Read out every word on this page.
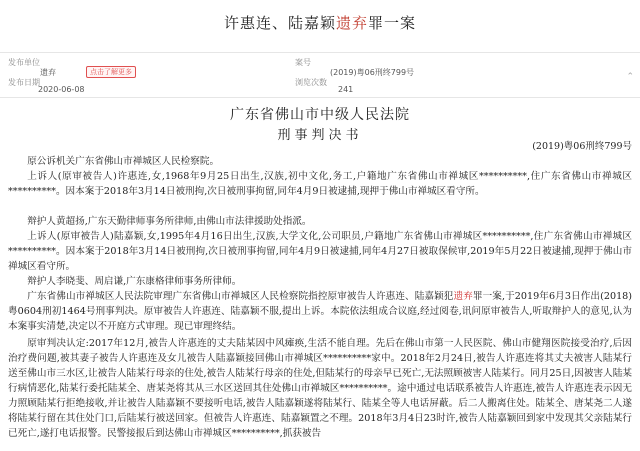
许惠连、陆嘉颖遗弃罪一案
发布单位
遗弃	点击了解更多
案号
(2019)粤06刑终799号
发布日期
2020-06-08
浏览次数
241
⌃
广东省佛山市中级人民法院
刑事判决书
(2019)粤06刑终799号
原公诉机关广东省佛山市禅城区人民检察院。
上诉人(原审被告人)许惠连,女,1968年9月25日出生,汉族,初中文化,务工,户籍地广东省佛山市禅城区**********,住广东省佛山市禅城区**********。因本案于2018年3月14日被刑拘,次日被刑事拘留,同年4月9日被逮捕,现押于佛山市禅城区看守所。
辩护人黄超扬,广东天勤律师事务所律师,由佛山市法律援助处指派。
上诉人(原审被告人)陆嘉颖,女,1995年4月16日出生,汉族,大学文化,公司职员,户籍地广东省佛山市禅城区**********,住广东省佛山市禅城区**********。因本案于2018年3月14日被刑拘,次日被刑事拘留,同年4月9日被逮捕,同年4月27日被取保候审,2019年5月22日被逮捕,现押于佛山市禅城区看守所。
辩护人李晓斐、周启谦,广东康格律师事务所律师。
广东省佛山市禅城区人民法院审理广东省佛山市禅城区人民检察院指控原审被告人许惠连、陆嘉颖犯遗弃罪一案,于2019年6月3日作出(2018)粤0604刑初1464号刑事判决。原审被告人许惠连、陆嘉颖不服,提出上诉。本院依法组成合议庭,经过阅卷,讯问原审被告人,听取辩护人的意见,认为本案事实清楚,决定以不开庭方式审理。现已审理终结。
原审判决认定:2017年12月,被告人许惠连的丈夫陆某因中风瘫痪,生活不能自理。先后在佛山市第一人民医院、佛山市健翔医院接受治疗,后因治疗费问题,被其妻子被告人许惠连及女儿被告人陆嘉颖接回佛山市禅城区**********家中。2018年2月24日,被告人许惠连将其丈夫被害人陆某行送至佛山市三水区,让被告人陆某行母亲的住处,被告人陆某行母亲的住处,但陆某行的母亲早已死亡,无法照顾被害人陆某行。同月25日,因被害人陆某行病情恶化,陆某行委托陆某全、唐某尧将其从三水区送回其住处佛山市禅城区**********。途中通过电话联系被告人许惠连,被告人许惠连表示因无力照顾陆某行拒绝接收,并让被告人陆嘉颖不要接听电话,被告人陆嘉颖遂将陆某行、陆某全等人电话屏蔽。后二人搬离住处。陆某全、唐某尧二人遂将陆某行留在其住处门口,后陆某行被送回家。但被告人许惠连、陆嘉颖置之不理。2018年3月4日23时许,被告人陆嘉颖回到家中发现其父亲陆某行已死亡,遂打电话报警。民警接报后到达佛山市禅城区**********,抓获被告
